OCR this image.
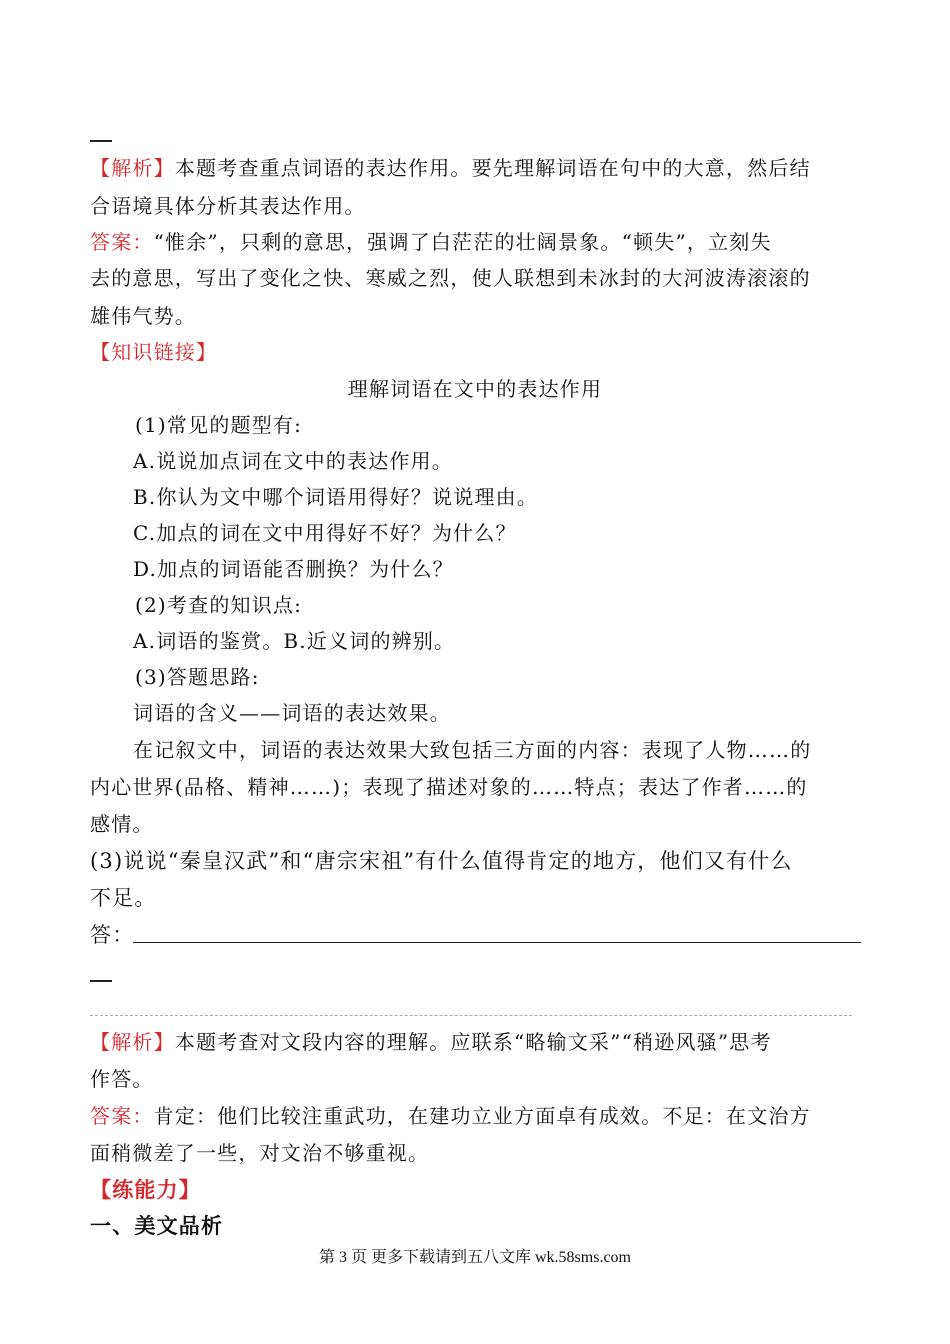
【解析】本题考查重点词语的表达作用。要先理解词语在句中的大意，然后结
合语境具体分析其表达作用。
答案：“惟余”，只剩的意思，强调了白茫茫的壮阔景象。“顿失”，立刻失
去的意思，写出了变化之快、寒威之烈，使人联想到未冰封的大河波涛滚滚的
雄伟气势。
【知识链接】
理解词语在文中的表达作用
(1)常见的题型有:
A.说说加点词在文中的表达作用。
B.你认为文中哪个词语用得好？说说理由。
C.加点的词在文中用得好不好？为什么？
D.加点的词语能否删换？为什么？
(2)考查的知识点:
A.词语的鉴赏。B.近义词的辨别。
(3)答题思路:
词语的含义——词语的表达效果。
在记叙文中，词语的表达效果大致包括三方面的内容：表现了人物……的
内心世界(品格、精神……)；表现了描述对象的……特点；表达了作者……的
感情。
(3)说说“秦皇汉武”和“唐宗宋祖”有什么值得肯定的地方，他们又有什么
不足。
答：
【解析】本题考查对文段内容的理解。应联系“略输文采”“稍逊风骚”思考
作答。
答案：肯定：他们比较注重武功，在建功立业方面卓有成效。不足：在文治方
面稍微差了一些，对文治不够重视。
【练能力】
一、美文品析
第 3 页 更多下载请到五八文库 wk.58sms.com
